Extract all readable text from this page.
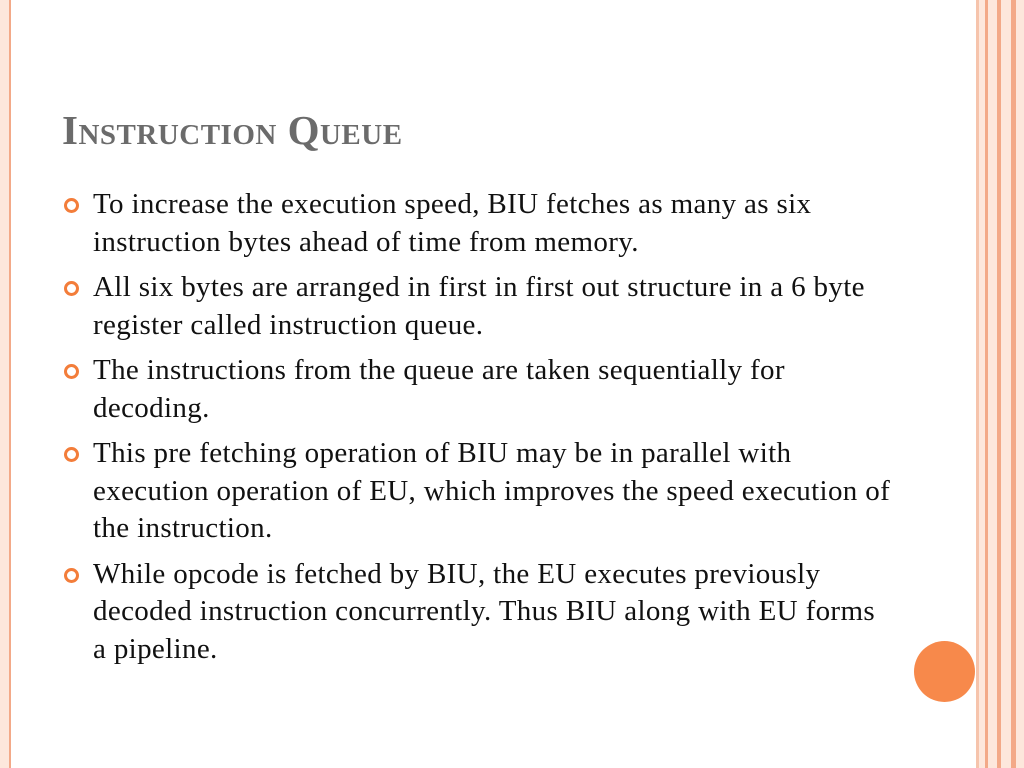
Instruction Queue
To increase the execution speed, BIU fetches as many as six instruction bytes ahead of time from memory.
All six bytes are arranged in first in first out structure in a 6 byte register called instruction queue.
The instructions from the queue are taken sequentially for decoding.
This pre fetching operation of BIU may be in parallel with execution operation of EU, which improves the speed execution of the instruction.
While opcode is fetched by BIU, the EU executes previously decoded instruction concurrently. Thus BIU along with EU forms a pipeline.
